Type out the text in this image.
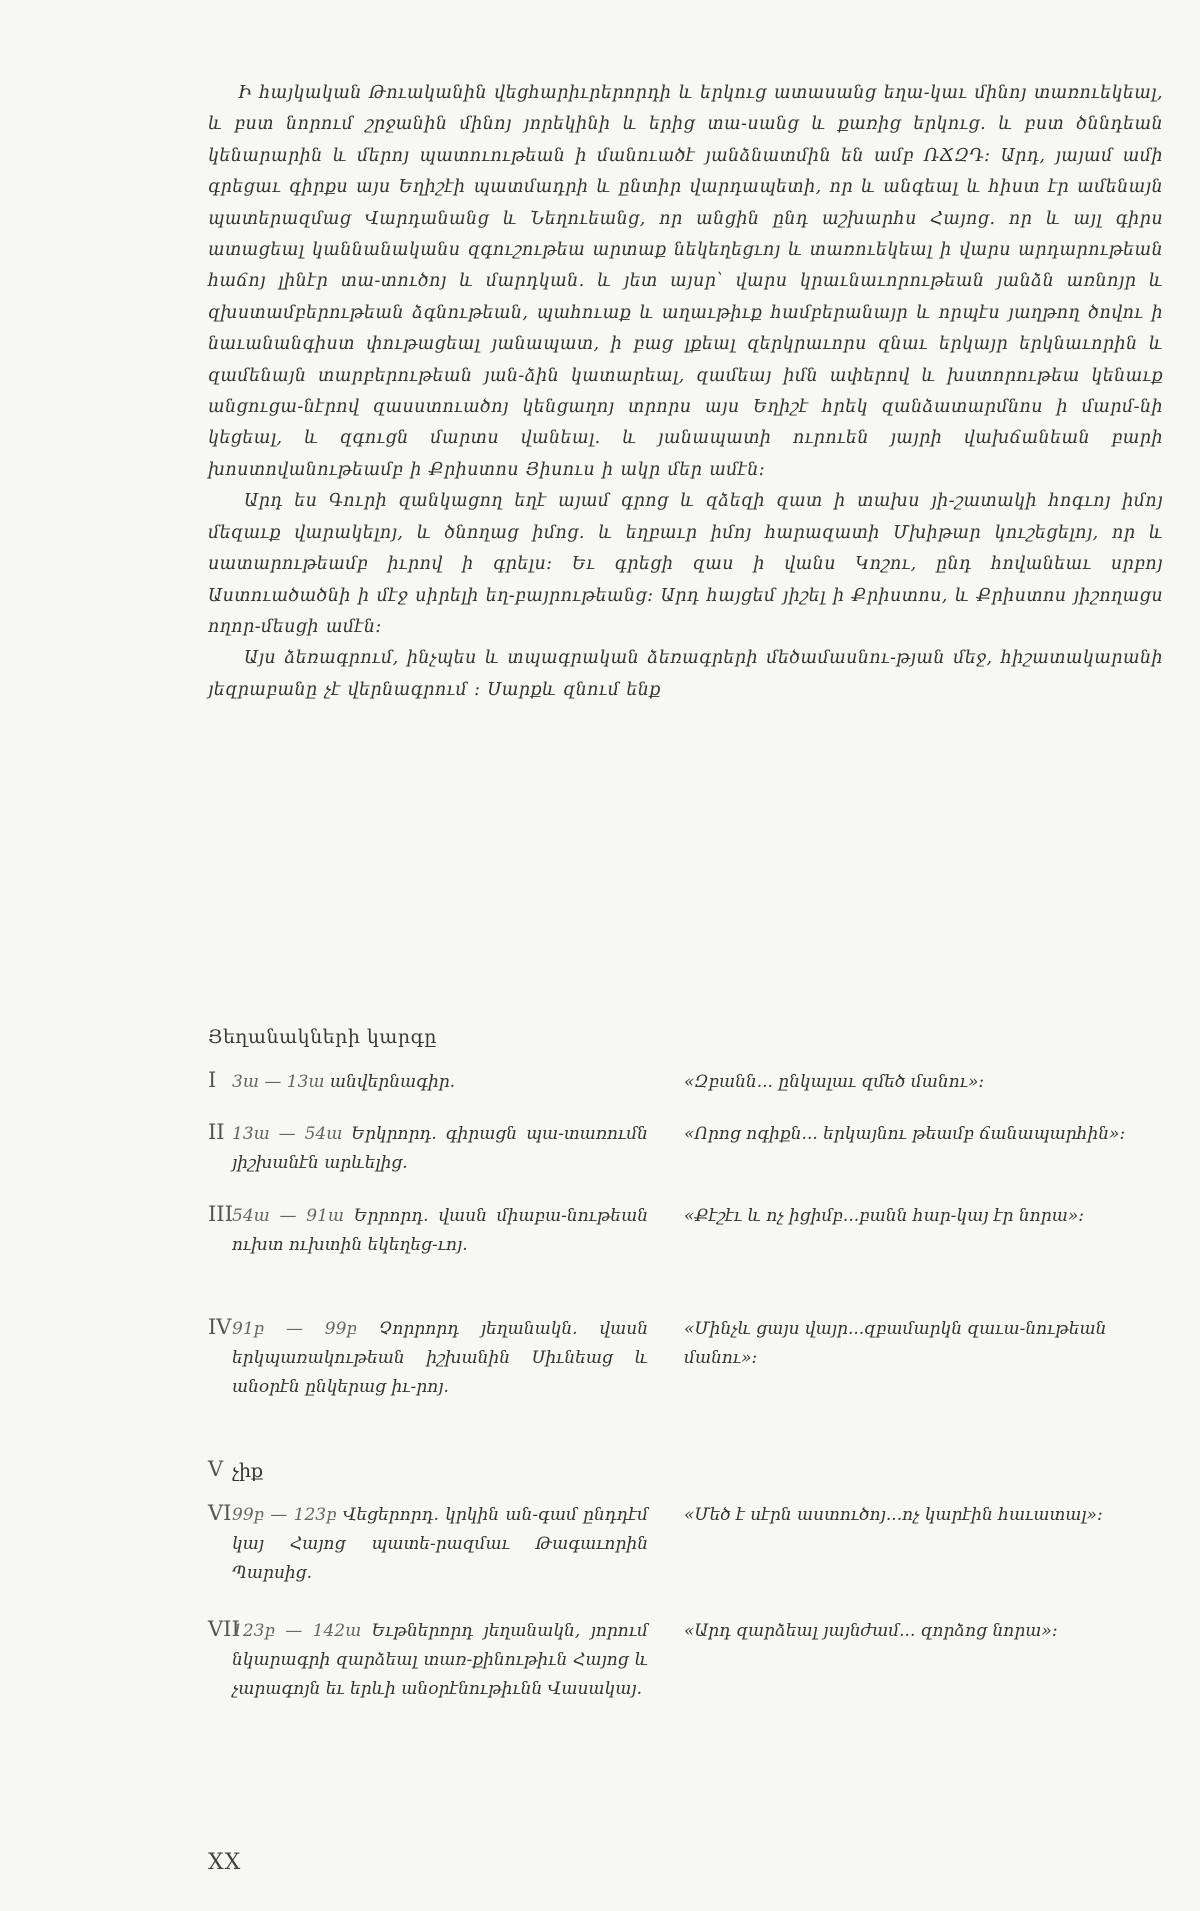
Ի հայկական Թուականին վեցհարիւրերորդի և երկուց ատասանց եղա-կաւ մինոյ տառուեկեալ, և բստ նորում շրջանին մինոյ յորեկինի և երից տա-սանց և քառից երկուց. և բստ ծննդեան կենարարին և մերոյ պատուութեան ի մանուածէ յանձնատմին են ամբ ՌՃԶԴ։ Արդ, յայամ ամի գրեցաւ գիրքս այս Եղիշէի պատմադրի և ընտիր վարդապետի, որ և անգեալ և հիստ էր ամենայն պատերազմաց Վարդանանց և Նեղուեանց, որ անցին ընդ աշխարհս Հայոց. որ և այլ գիրս ատացեալ կաննանականս զգուշութեա արտաք նեկեղեցւոյ և տառուեկեալ ի վարս արդարութեան հաճոյ լինէր տա-տուծոյ և մարդկան. և յետ այսր՝ վարս կրաւնաւորութեան յանձն առնոյր և զխստամբերութեան ձգնութեան, պահուաք և աղաւթիւք համբերանայր և որպէս յաղթող ծովու ի նաւանանգիստ փութացեալ յանապատ, ի բաց լքեալ զերկրաւորս զնաւ երկայր երկնաւորին և զամենայն տարբերութեան յան-ձին կատարեալ, զամեայ իմն ափերով և խստորութեա կենաւք անցուցա-նէրով զասստուածոյ կենցաղոյ տրորս այս Եղիշէ հրեկ զանձատարմնոս ի մարմ-նի կեցեալ, և զգուցն մարտս վանեալ. և յանապատի ուրուեն յայրի վախճանեան բարի խոստովանութեամբ ի Քրիստոս Յիսուս ի ակր մեր ամէն։

Արդ ես Գուրի զանկացող եղէ այամ գրոց և զձեզի զատ ի տախս յի-շատակի հոգւոյ իմոյ մեզաւք վարակելոյ, և ծնողաց իմոց. և եղբաւր իմոյ հարազատի Մխիթար կուշեցելոյ, որ և սատարութեամբ իւրով ի գրելս։ Եւ գրեցի զաս ի վանս Կոշու, ընդ հովանեաւ սրբոյ Աստուածածնի ի մէջ սիրելի եղ-բայրութեանց։ Արդ հայցեմ յիշել ի Քրիստոս, և Քրիստոս յիշողացս ողոր-մեսցի ամէն։

Այս ձեռագրում, ինչպես և տպագրական ձեռագրերի մեծամասնու-թյան մեջ, հիշատակարանի յեզրաբանը չէ վերնագրում ։ Սարքև զնում ենք

Յեղանակների կարգը
I 3ա — 13ա անվերնագիր.	«Զբանն... ընկալաւ զմեծ մանու»։
II 13ա — 54ա Երկրորդ. գիրացն պա-տառումն յիշխանէն արևելից.
«Որոց ոգիքն... երկայնու թեամբ ճանապարհին»։
III 54ա — 91ա Երրորդ. վասն միաբա-նութեան ուխտ ուխտին եկեղեց-ւոյ.
«Քէշէւ և ոչ իցիմբ...բանն հար-կայ էր նորա»։
IV 91բ — 99բ Չորրորդ յեղանակն. վասն երկպառակութեան իշխանին Սիւնեաց և անօրէն ընկերաց իւ-րոյ.
«Մինչև ցայս վայր...զբամարկն զաւա-նութեան մանու»։
V չիք
VI 99բ — 123բ Վեցերորդ. կրկին ան-գամ ընդդէմ կայ Հայոց պատե-րազմաւ Թագաւորին Պարսից.
«Մեծ է սէրն աստուծոյ...ոչ կարէին հաւատալ»։
VII
123բ — 142ա Եւթներորդ յեղանակն, յորում նկարագրի զարձեալ տառ-քինութիւն Հայոց և չարագոյն եւ երևի անօրէնութիւնն Վասակայ.
«Արդ զարձեալ յայնժամ... զորձոց նորա»։
XX
